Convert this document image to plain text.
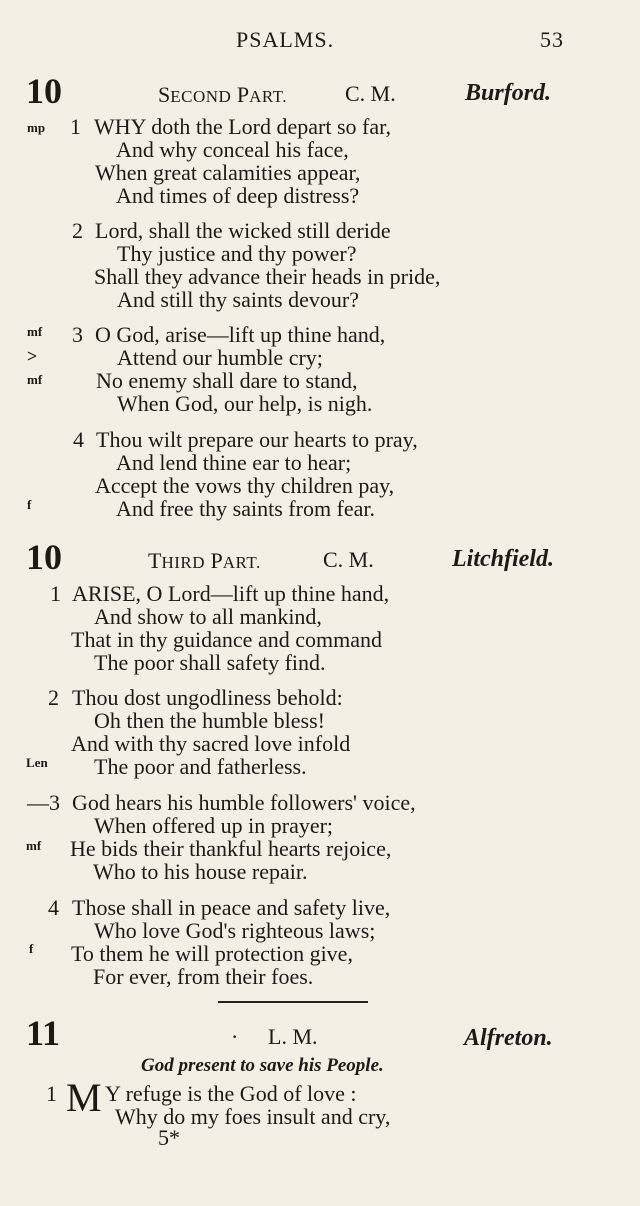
PSALMS.	53
10	SECOND PART.	C. M.	Burford.
mp
mf
>
mf
f
1 WHY doth the Lord depart so far,
And why conceal his face,
When great calamities appear,
And times of deep distress?
2 Lord, shall the wicked still deride
Thy justice and thy power?
Shall they advance their heads in pride,
And still thy saints devour?
3 O God, arise—lift up thine hand,
Attend our humble cry;
No enemy shall dare to stand,
When God, our help, is nigh.
4 Thou wilt prepare our hearts to pray,
And lend thine ear to hear;
Accept the vows thy children pay,
And free thy saints from fear.
10	THIRD PART.	C. M.	Litchfield.
Len
mf
f
1 ARISE, O Lord—lift up thine hand,
And show to all mankind,
That in thy guidance and command
The poor shall safety find.
2 Thou dost ungodliness behold:
Oh then the humble bless!
And with thy sacred love infold
The poor and fatherless.
—3 God hears his humble followers' voice,
When offered up in prayer;
He bids their thankful hearts rejoice,
Who to his house repair.
4 Those shall in peace and safety live,
Who love God's righteous laws;
To them he will protection give,
For ever, from their foes.
11	· L. M.	Alfreton.
God present to save his People.
1 M Y refuge is the God of love :
Why do my foes insult and cry,
5*
